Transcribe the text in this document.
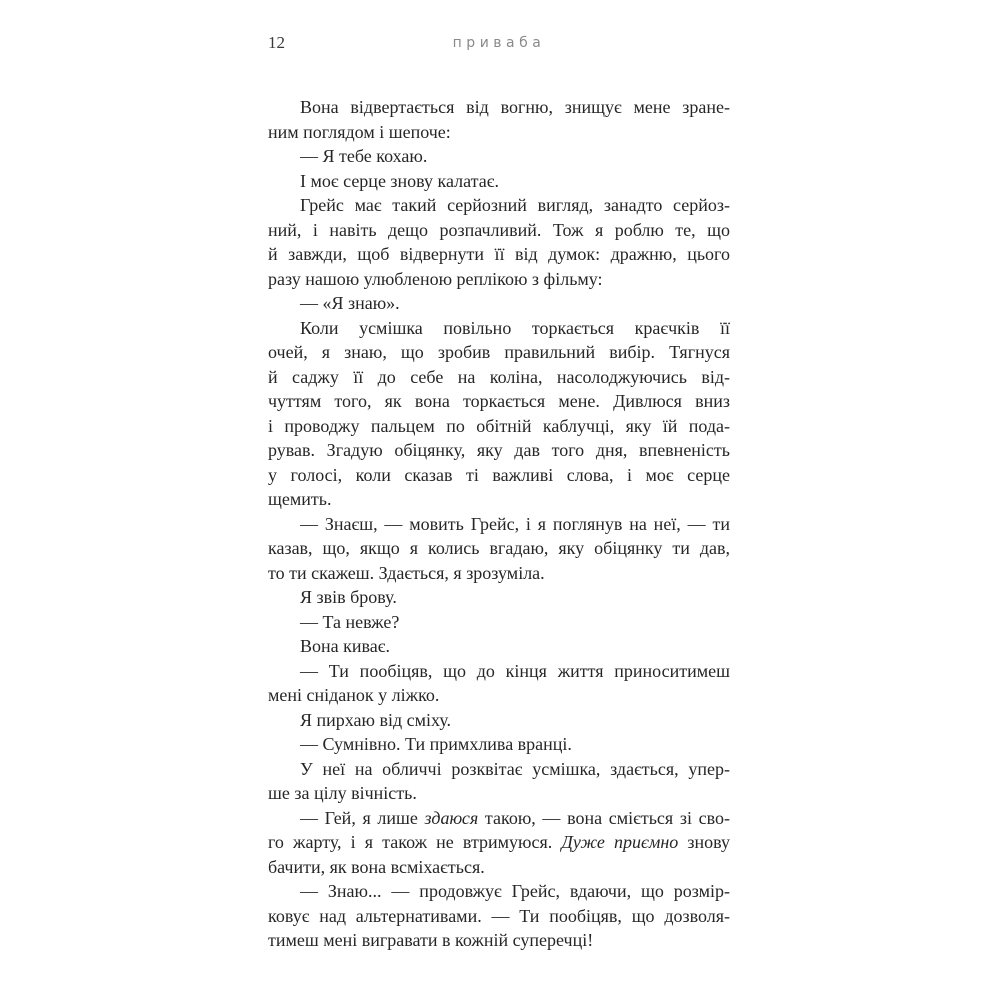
12	приваба
Вона відвертається від вогню, знищує мене зране-
ним поглядом і шепоче:
— Я тебе кохаю.
І моє серце знову калатає.
Грейс має такий серйозний вигляд, занадто серйоз-
ний, і навіть дещо розпачливий. Тож я роблю те, що
й завжди, щоб відвернути її від думок: дражню, цього
разу нашою улюбленою реплікою з фільму:
— «Я знаю».
Коли усмішка повільно торкається краєчків її
очей, я знаю, що зробив правильний вибір. Тягнуся
й саджу її до себе на коліна, насолоджуючись від-
чуттям того, як вона торкається мене. Дивлюся вниз
і проводжу пальцем по обітній каблучці, яку їй пода-
рував. Згадую обіцянку, яку дав того дня, впевненість
у голосі, коли сказав ті важливі слова, і моє серце
щемить.
— Знаєш, — мовить Грейс, і я поглянув на неї, — ти
казав, що, якщо я колись вгадаю, яку обіцянку ти дав,
то ти скажеш. Здається, я зрозуміла.
Я звів брову.
— Та невже?
Вона киває.
— Ти пообіцяв, що до кінця життя приноситимеш
мені сніданок у ліжко.
Я пирхаю від сміху.
— Сумнівно. Ти примхлива вранці.
У неї на обличчі розквітає усмішка, здається, упер-
ше за цілу вічність.
— Гей, я лише здаюся такою, — вона сміється зі сво-
го жарту, і я також не втримуюся. Дуже приємно знову
бачити, як вона всміхається.
— Знаю... — продовжує Грейс, вдаючи, що розмір-
ковує над альтернативами. — Ти пообіцяв, що дозволя-
тимеш мені вигравати в кожній суперечці!
